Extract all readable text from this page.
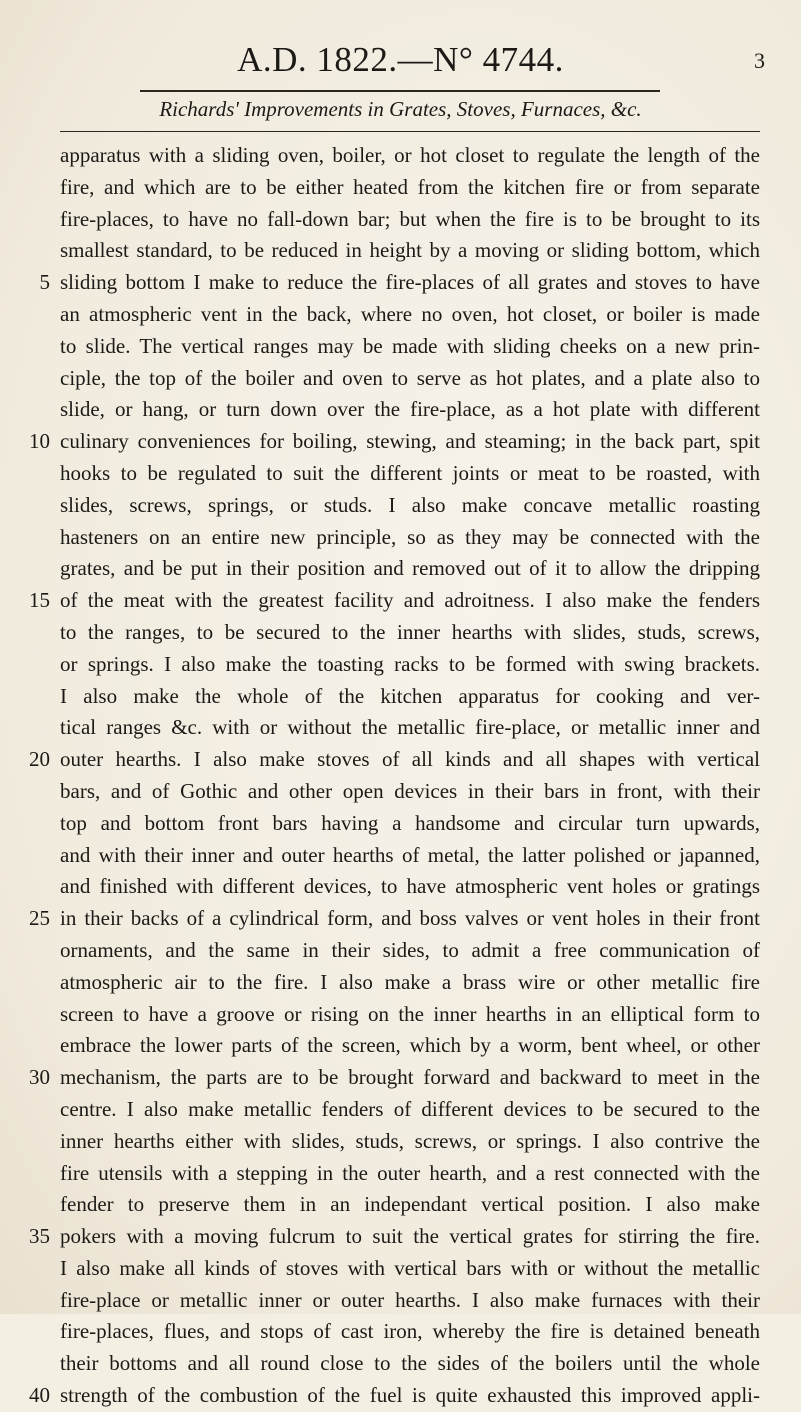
A.D. 1822.—N° 4744.	3
Richards' Improvements in Grates, Stoves, Furnaces, &c.
apparatus with a sliding oven, boiler, or hot closet to regulate the length of the
fire, and which are to be either heated from the kitchen fire or from separate
fire-places, to have no fall-down bar; but when the fire is to be brought to its
smallest standard, to be reduced in height by a moving or sliding bottom, which
5 sliding bottom I make to reduce the fire-places of all grates and stoves to have
an atmospheric vent in the back, where no oven, hot closet, or boiler is made
to slide. The vertical ranges may be made with sliding cheeks on a new prin-
ciple, the top of the boiler and oven to serve as hot plates, and a plate also to
slide, or hang, or turn down over the fire-place, as a hot plate with different
10 culinary conveniences for boiling, stewing, and steaming; in the back part, spit
hooks to be regulated to suit the different joints or meat to be roasted, with
slides, screws, springs, or studs. I also make concave metallic roasting
hasteners on an entire new principle, so as they may be connected with the
grates, and be put in their position and removed out of it to allow the dripping
15 of the meat with the greatest facility and adroitness. I also make the fenders
to the ranges, to be secured to the inner hearths with slides, studs, screws,
or springs. I also make the toasting racks to be formed with swing brackets.
I also make the whole of the kitchen apparatus for cooking and ver-
tical ranges &c. with or without the metallic fire-place, or metallic inner and
20 outer hearths. I also make stoves of all kinds and all shapes with vertical
bars, and of Gothic and other open devices in their bars in front, with their
top and bottom front bars having a handsome and circular turn upwards,
and with their inner and outer hearths of metal, the latter polished or japanned,
and finished with different devices, to have atmospheric vent holes or gratings
25 in their backs of a cylindrical form, and boss valves or vent holes in their front
ornaments, and the same in their sides, to admit a free communication of
atmospheric air to the fire. I also make a brass wire or other metallic fire
screen to have a groove or rising on the inner hearths in an elliptical form to
embrace the lower parts of the screen, which by a worm, bent wheel, or other
30 mechanism, the parts are to be brought forward and backward to meet in the
centre. I also make metallic fenders of different devices to be secured to the
inner hearths either with slides, studs, screws, or springs. I also contrive the
fire utensils with a stepping in the outer hearth, and a rest connected with the
fender to preserve them in an independant vertical position. I also make
35 pokers with a moving fulcrum to suit the vertical grates for stirring the fire.
I also make all kinds of stoves with vertical bars with or without the metallic
fire-place or metallic inner or outer hearths. I also make furnaces with their
fire-places, flues, and stops of cast iron, whereby the fire is detained beneath
their bottoms and all round close to the sides of the boilers until the whole
40 strength of the combustion of the fuel is quite exhausted this improved appli-
